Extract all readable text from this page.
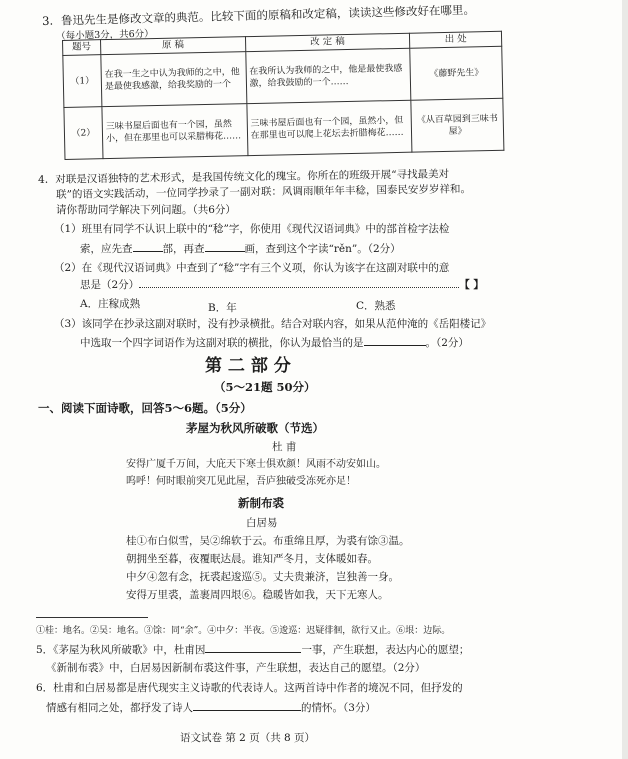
3．鲁迅先生是修改文章的典范。比较下面的原稿和改定稿，读读这些修改好在哪里。
（每小题3分，共6分）
题号	原 稿	改 定 稿	出 处
（1）	在我一生之中认为我师的之中，他是最使我感激，给我奖励的一个	在我所认为我师的之中，他是最使我感激，给我鼓励的一个……	《藤野先生》
（2）	三味书屋后面也有一个园，虽然小，但在那里也可以采腊梅花……	三味书屋后面也有一个园，虽然小，但在那里也可以爬上花坛去折腊梅花……	《从百草园到三味书屋》
4．对联是汉语独特的艺术形式，是我国传统文化的瑰宝。你所在的班级开展“寻找最美对
联”的语文实践活动，一位同学抄录了一副对联：风调雨顺年年丰稔，国泰民安岁岁祥和。
请你帮助同学解决下列问题。（共6分）
（1）班里有同学不认识上联中的“稔”字，你使用《现代汉语词典》中的部首检字法检
索，应先查	部，再查	画，查到这个字读“rěn”。（2分）
（2）在《现代汉语词典》中查到了“稔”字有三个义项，你认为该字在这副对联中的意
思是（2分）	【 】
A．庄稼成熟	B．年	C．熟悉
（3）该同学在抄录这副对联时，没有抄录横批。结合对联内容，如果从范仲淹的《岳阳楼记》
中选取一个四字词语作为这副对联的横批，你认为最恰当的是	。（2分）
第 二 部 分
（5～21题 50分）
一、阅读下面诗歌，回答5～6题。（5分）
茅屋为秋风所破歌（节选）
杜 甫
安得广厦千万间，大庇天下寒士俱欢颜！风雨不动安如山。
呜呼！何时眼前突兀见此屋，吾庐独破受冻死亦足！
新制布裘
白居易
桂①布白似雪，吴②绵软于云。布重绵且厚，为裘有馀③温。
朝拥坐至暮，夜覆眠达晨。谁知严冬月，支体暖如春。
中夕④忽有念，抚裘起逡巡⑤。丈夫贵兼济，岂独善一身。
安得万里裘，盖裹周四垠⑥。稳暖皆如我，天下无寒人。
①桂：地名。②吴：地名。③馀：同“余”。④中夕：半夜。⑤逡巡：迟疑徘徊，欲行又止。⑥垠：边际。
5．《茅屋为秋风所破歌》中，杜甫因	一事，产生联想，表达内心的愿望；
《新制布裘》中，白居易因新制布裘这件事，产生联想，表达自己的愿望。（2分）
6．杜甫和白居易都是唐代现实主义诗歌的代表诗人。这两首诗中作者的境况不同，但抒发的
情感有相同之处，都抒发了诗人	的情怀。（3分）
语文试卷 第 2 页（共 8 页）
